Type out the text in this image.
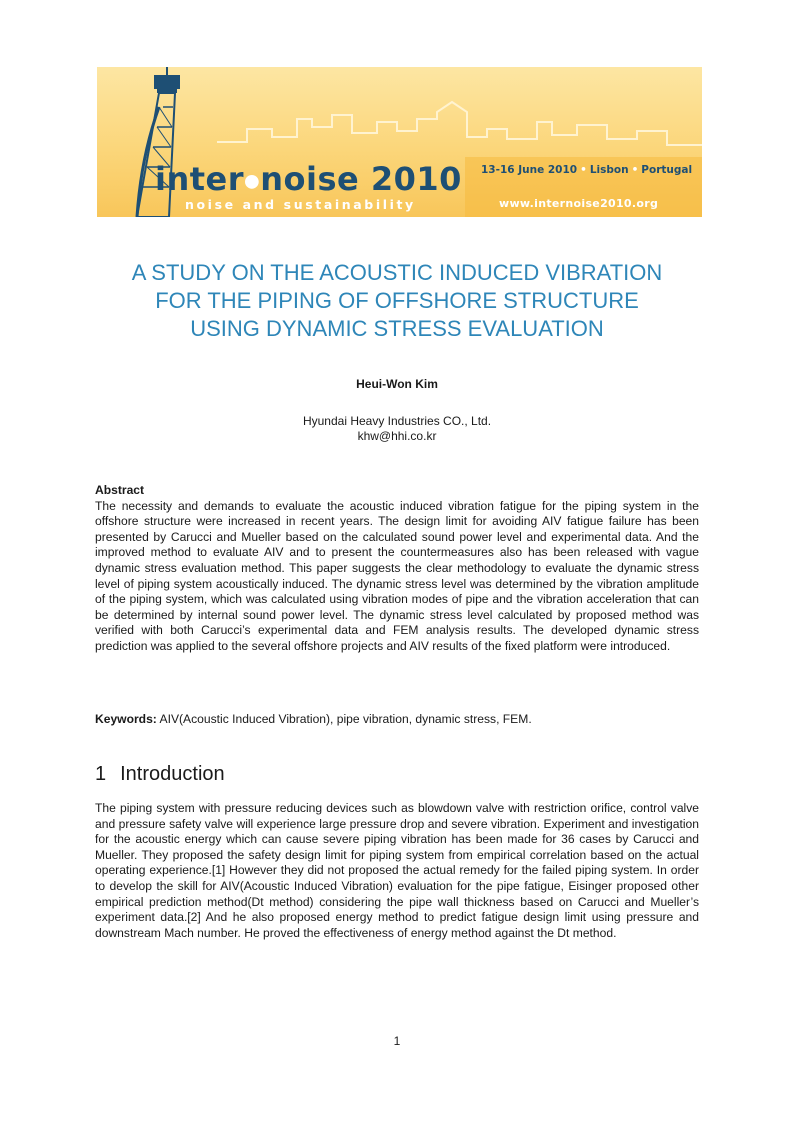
inter●noise 2010
noise and sustainability
13-16 June 2010 • Lisbon • Portugal
www.internoise2010.org
A STUDY ON THE ACOUSTIC INDUCED VIBRATION
FOR THE PIPING OF OFFSHORE STRUCTURE
USING DYNAMIC STRESS EVALUATION
Heui-Won Kim
Hyundai Heavy Industries CO., Ltd.
khw@hhi.co.kr
Abstract
The necessity and demands to evaluate the acoustic induced vibration fatigue for the piping system in the offshore structure were increased in recent years. The design limit for avoiding AIV fatigue failure has been presented by Carucci and Mueller based on the calculated sound power level and experimental data. And the improved method to evaluate AIV and to present the countermeasures also has been released with vague dynamic stress evaluation method. This paper suggests the clear methodology to evaluate the dynamic stress level of piping system acoustically induced. The dynamic stress level was determined by the vibration amplitude of the piping system, which was calculated using vibration modes of pipe and the vibration acceleration that can be determined by internal sound power level. The dynamic stress level calculated by proposed method was verified with both Carucci’s experimental data and FEM analysis results. The developed dynamic stress prediction was applied to the several offshore projects and AIV results of the fixed platform were introduced.
Keywords: AIV(Acoustic Induced Vibration), pipe vibration, dynamic stress, FEM.
1 Introduction
The piping system with pressure reducing devices such as blowdown valve with restriction orifice, control valve and pressure safety valve will experience large pressure drop and severe vibration. Experiment and investigation for the acoustic energy which can cause severe piping vibration has been made for 36 cases by Carucci and Mueller. They proposed the safety design limit for piping system from empirical correlation based on the actual operating experience.[1] However they did not proposed the actual remedy for the failed piping system. In order to develop the skill for AIV(Acoustic Induced Vibration) evaluation for the pipe fatigue, Eisinger proposed other empirical prediction method(Dt method) considering the pipe wall thickness based on Carucci and Mueller’s experiment data.[2] And he also proposed energy method to predict fatigue design limit using pressure and downstream Mach number. He proved the effectiveness of energy method against the Dt method.
1
